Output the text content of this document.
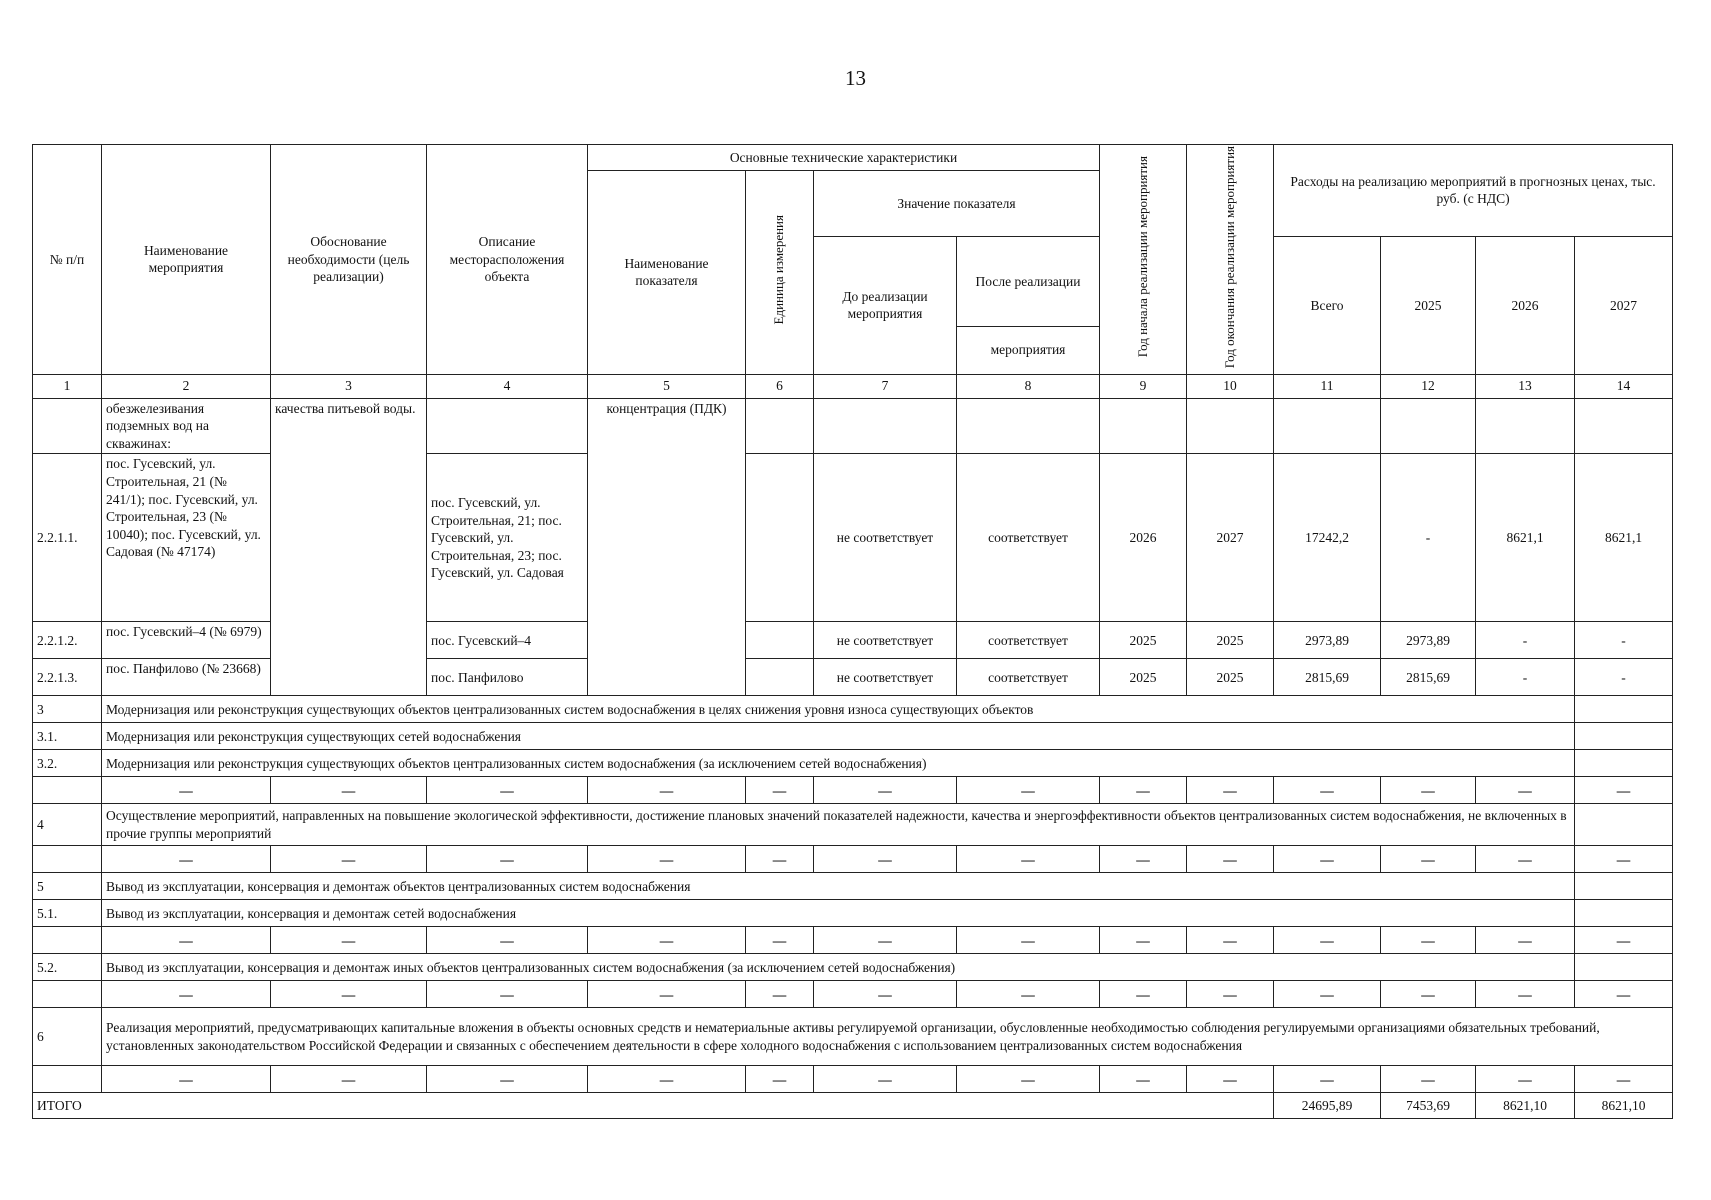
13
№ п/п	Наименование мероприятия	Обоснование необходимости (цель реализации)	Описание месторасположения объекта	Основные технические характеристики				Год начала реализации мероприятия	Год окончания реализации мероприятия	Расходы на реализацию мероприятий в прогнозных ценах, тыс. руб. (с НДС)			
				Наименование показателя	Единица измерения	Значение показателя							
						До реализации мероприятия	После реализации			Всего	2025	2026	2027
							мероприятия						
1	2	3	4	5	6	7	8	9	10	11	12	13	14
	обезжелезивания подземных вод на скважинах:	качества питьевой воды.		концентрация (ПДК)									
2.2.1.1.	пос. Гусевский, ул. Строительная, 21 (№ 241/1); пос. Гусевский, ул. Строительная, 23 (№ 10040); пос. Гусевский, ул. Садовая (№ 47174)		пос. Гусевский, ул. Строительная, 21; пос. Гусевский, ул. Строительная, 23; пос. Гусевский, ул. Садовая			не соответствует	соответствует	2026	2027	17242,2	-	8621,1	8621,1
2.2.1.2.	пос. Гусевский–4 (№ 6979)		пос. Гусевский–4			не соответствует	соответствует	2025	2025	2973,89	2973,89	-	-
2.2.1.3.	пос. Панфилово (№ 23668)		пос. Панфилово			не соответствует	соответствует	2025	2025	2815,69	2815,69	-	-
3	Модернизация или реконструкция существующих объектов централизованных систем водоснабжения в целях снижения уровня износа существующих объектов												
3.1.	Модернизация или реконструкция существующих сетей водоснабжения												
3.2.	Модернизация или реконструкция существующих объектов централизованных систем водоснабжения (за исключением сетей водоснабжения)												
	—	—	—	—	—	—	—	—	—	—	—	—	—
4	Осуществление мероприятий, направленных на повышение экологической эффективности, достижение плановых значений показателей надежности, качества и энергоэффективности объектов централизованных систем водоснабжения, не включенных в прочие группы мероприятий												
	—	—	—	—	—	—	—	—	—	—	—	—	—
5	Вывод из эксплуатации, консервация и демонтаж объектов централизованных систем водоснабжения												
5.1.	Вывод из эксплуатации, консервация и демонтаж сетей водоснабжения												
	—	—	—	—	—	—	—	—	—	—	—	—	—
5.2.	Вывод из эксплуатации, консервация и демонтаж иных объектов централизованных систем водоснабжения (за исключением сетей водоснабжения)												
	—	—	—	—	—	—	—	—	—	—	—	—	—
6	Реализация мероприятий, предусматривающих капитальные вложения в объекты основных средств и нематериальные активы регулируемой организации, обусловленные необходимостью соблюдения регулируемыми организациями обязательных требований, установленных законодательством Российской Федерации и связанных с обеспечением деятельности в сфере холодного водоснабжения с использованием централизованных систем водоснабжения												
	—	—	—	—	—	—	—	—	—	—	—	—	—
ИТОГО										24695,89	7453,69	8621,10	8621,10
